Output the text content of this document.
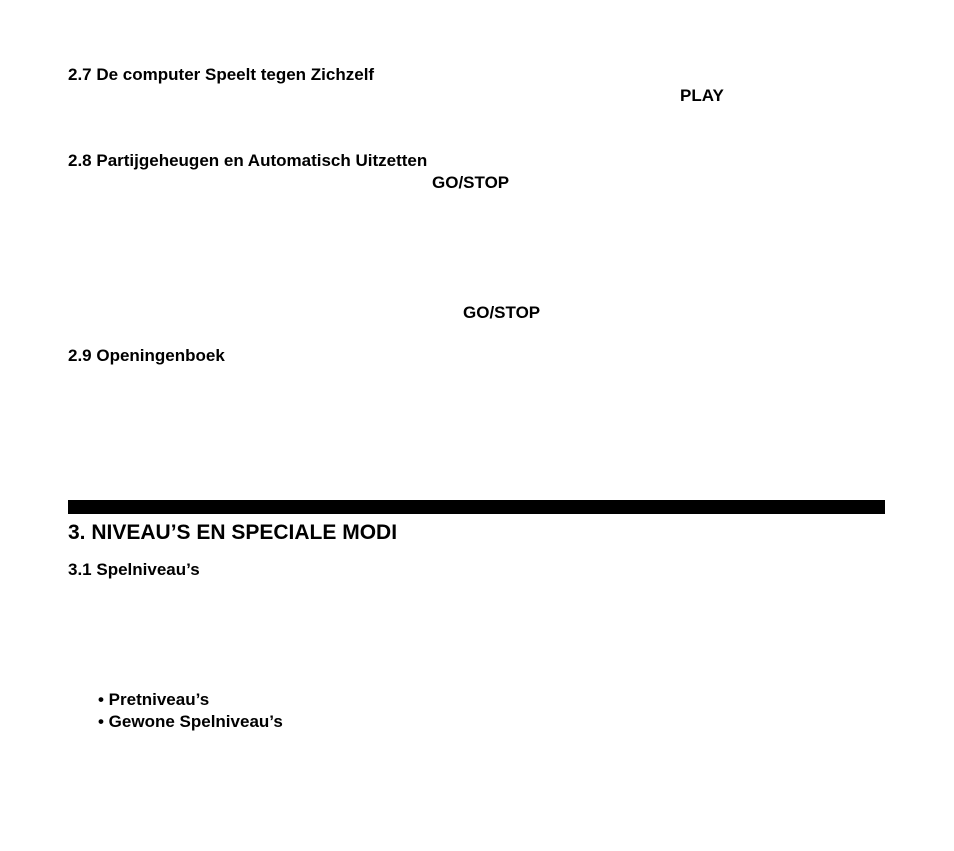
2.7 De computer Speelt tegen Zichzelf
PLAY
2.8 Partijgeheugen en Automatisch Uitzetten
GO/STOP
GO/STOP
2.9 Openingenboek
3. NIVEAU’S EN SPECIALE MODI
3.1 Spelniveau’s
• Pretniveau’s
• Gewone Spelniveau’s
